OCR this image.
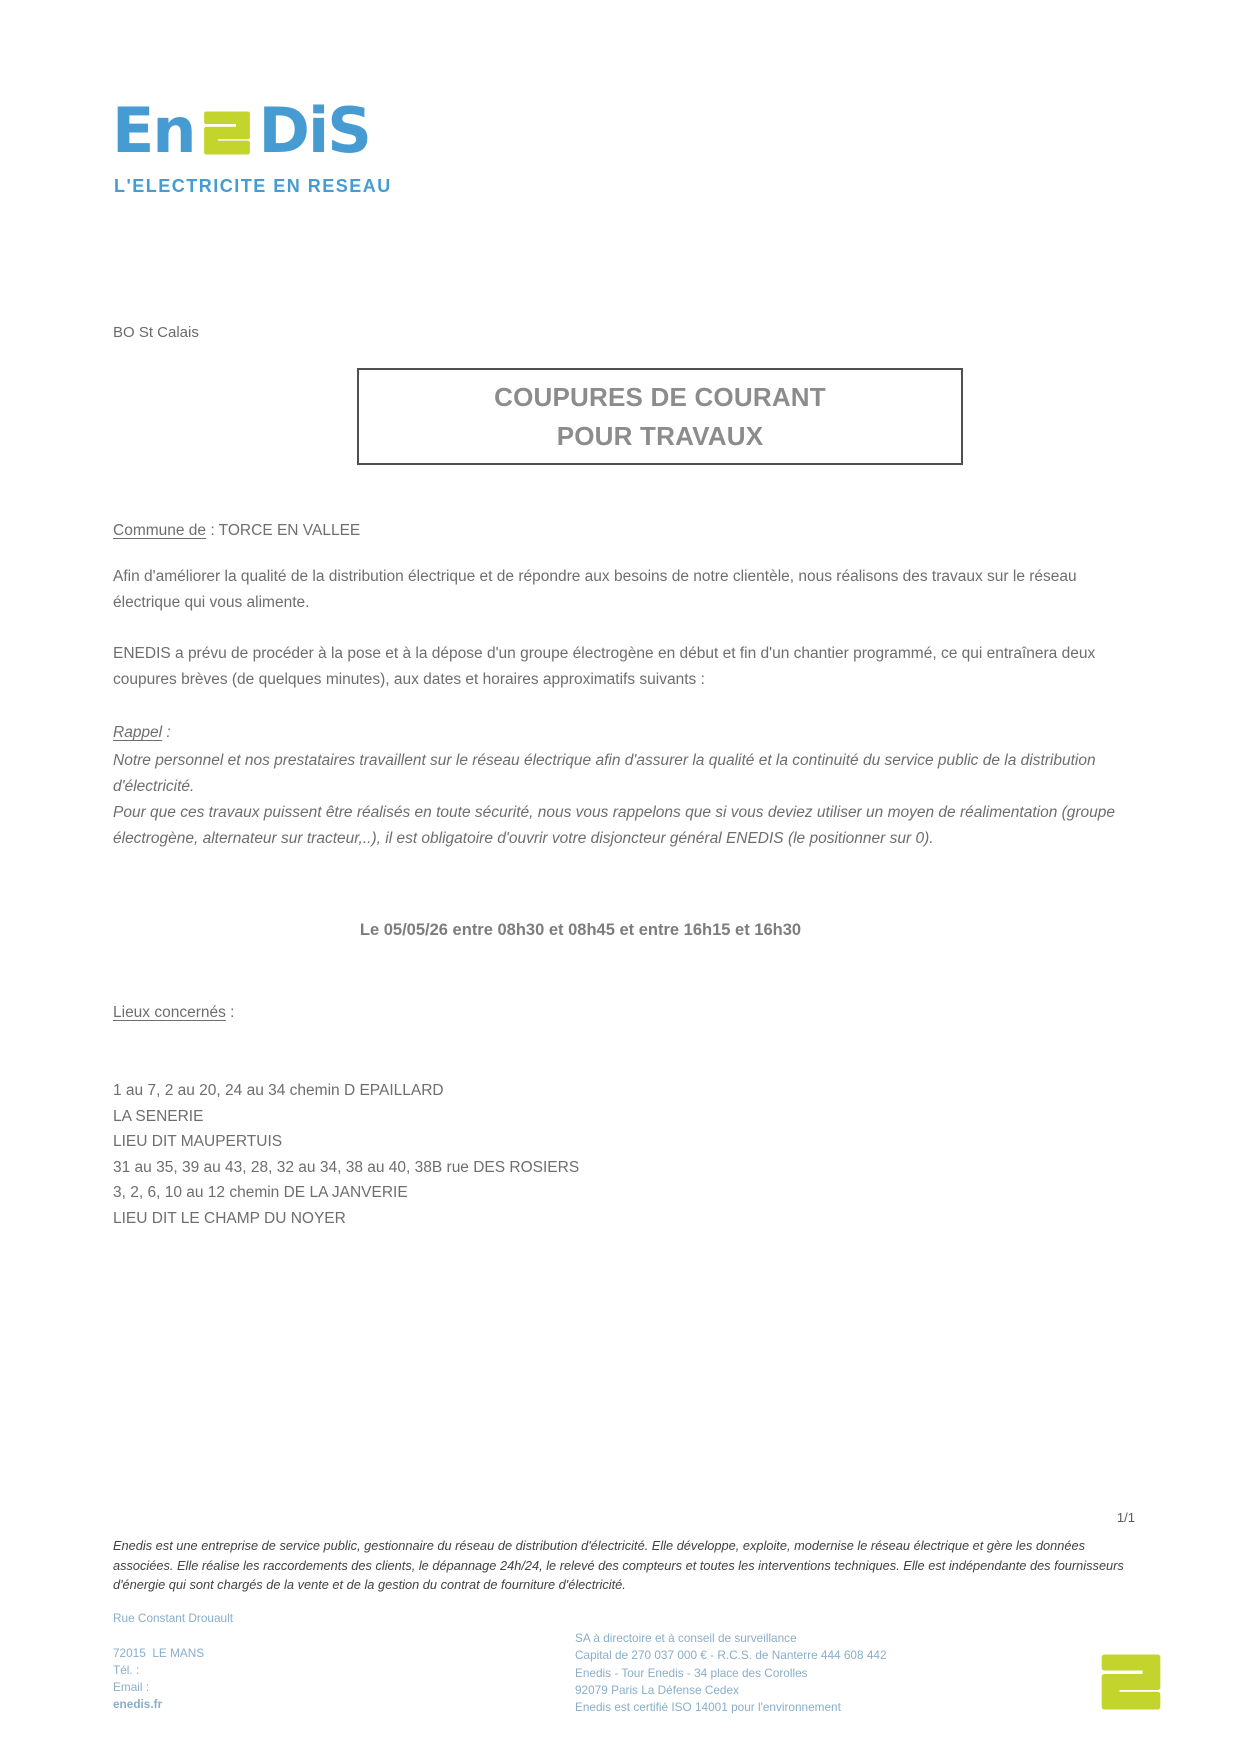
En DiS
L'ELECTRICITE EN RESEAU
BO St Calais
COUPURES DE COURANT
POUR TRAVAUX
Commune de : TORCE EN VALLEE
Afin d'améliorer la qualité de la distribution électrique et de répondre aux besoins de notre clientèle, nous réalisons des travaux sur le réseau électrique qui vous alimente.
ENEDIS a prévu de procéder à la pose et à la dépose d'un groupe électrogène en début et fin d'un chantier programmé, ce qui entraînera deux coupures brèves (de quelques minutes), aux dates et horaires approximatifs suivants :
Rappel :
Notre personnel et nos prestataires travaillent sur le réseau électrique afin d'assurer la qualité et la continuité du service public de la distribution d'électricité.
Pour que ces travaux puissent être réalisés en toute sécurité, nous vous rappelons que si vous deviez utiliser un moyen de réalimentation (groupe électrogène, alternateur sur tracteur,..), il est obligatoire d'ouvrir votre disjoncteur général ENEDIS (le positionner sur 0).
Le 05/05/26 entre 08h30 et 08h45 et entre 16h15 et 16h30
Lieux concernés :
1 au 7, 2 au 20, 24 au 34 chemin D EPAILLARD
LA SENERIE
LIEU DIT MAUPERTUIS
31 au 35, 39 au 43, 28, 32 au 34, 38 au 40, 38B rue DES ROSIERS
3, 2, 6, 10 au 12 chemin DE LA JANVERIE
LIEU DIT LE CHAMP DU NOYER
1/1
Enedis est une entreprise de service public, gestionnaire du réseau de distribution d'électricité. Elle développe, exploite, modernise le réseau électrique et gère les données associées. Elle réalise les raccordements des clients, le dépannage 24h/24, le relevé des compteurs et toutes les interventions techniques. Elle est indépendante des fournisseurs d'énergie qui sont chargés de la vente et de la gestion du contrat de fourniture d'électricité.
Rue Constant Drouault
72015  LE MANS
Tél. :
Email :
enedis.fr
SA à directoire et à conseil de surveillance
Capital de 270 037 000 € - R.C.S. de Nanterre 444 608 442
Enedis - Tour Enedis - 34 place des Corolles
92079 Paris La Défense Cedex
Enedis est certifié ISO 14001 pour l'environnement
